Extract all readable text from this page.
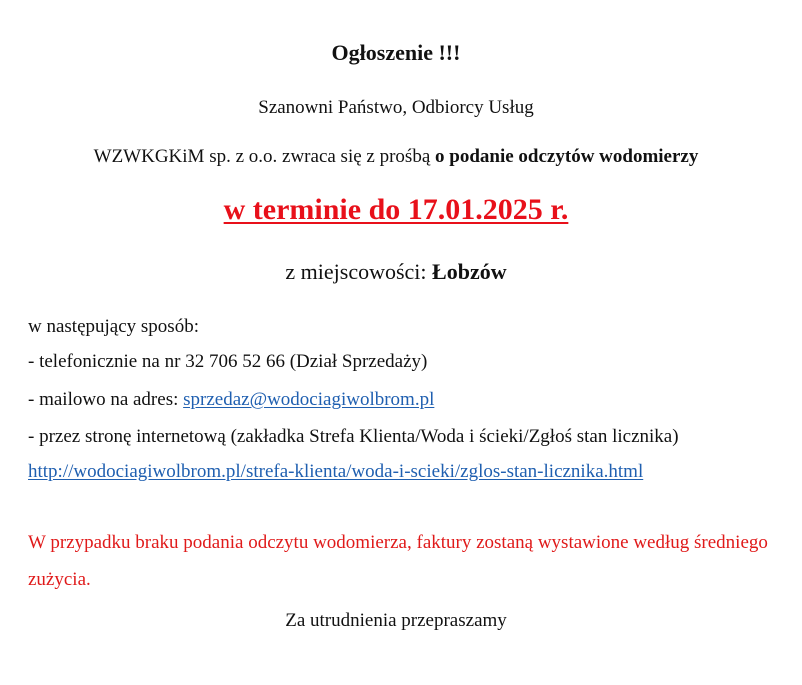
Ogłoszenie !!!
Szanowni Państwo, Odbiorcy Usług
WZWKGKiM sp. z o.o. zwraca się z prośbą o podanie odczytów wodomierzy
w terminie do 17.01.2025 r.
z miejscowości: Łobzów
w następujący sposób:
- telefonicznie na nr 32 706 52 66 (Dział Sprzedaży)
- mailowo na adres: sprzedaz@wodociagiwolbrom.pl
- przez stronę internetową (zakładka Strefa Klienta/Woda i ścieki/Zgłoś stan licznika)
http://wodociagiwolbrom.pl/strefa-klienta/woda-i-scieki/zglos-stan-licznika.html
W przypadku braku podania odczytu wodomierza, faktury zostaną wystawione według średniego zużycia.
Za utrudnienia przepraszamy
